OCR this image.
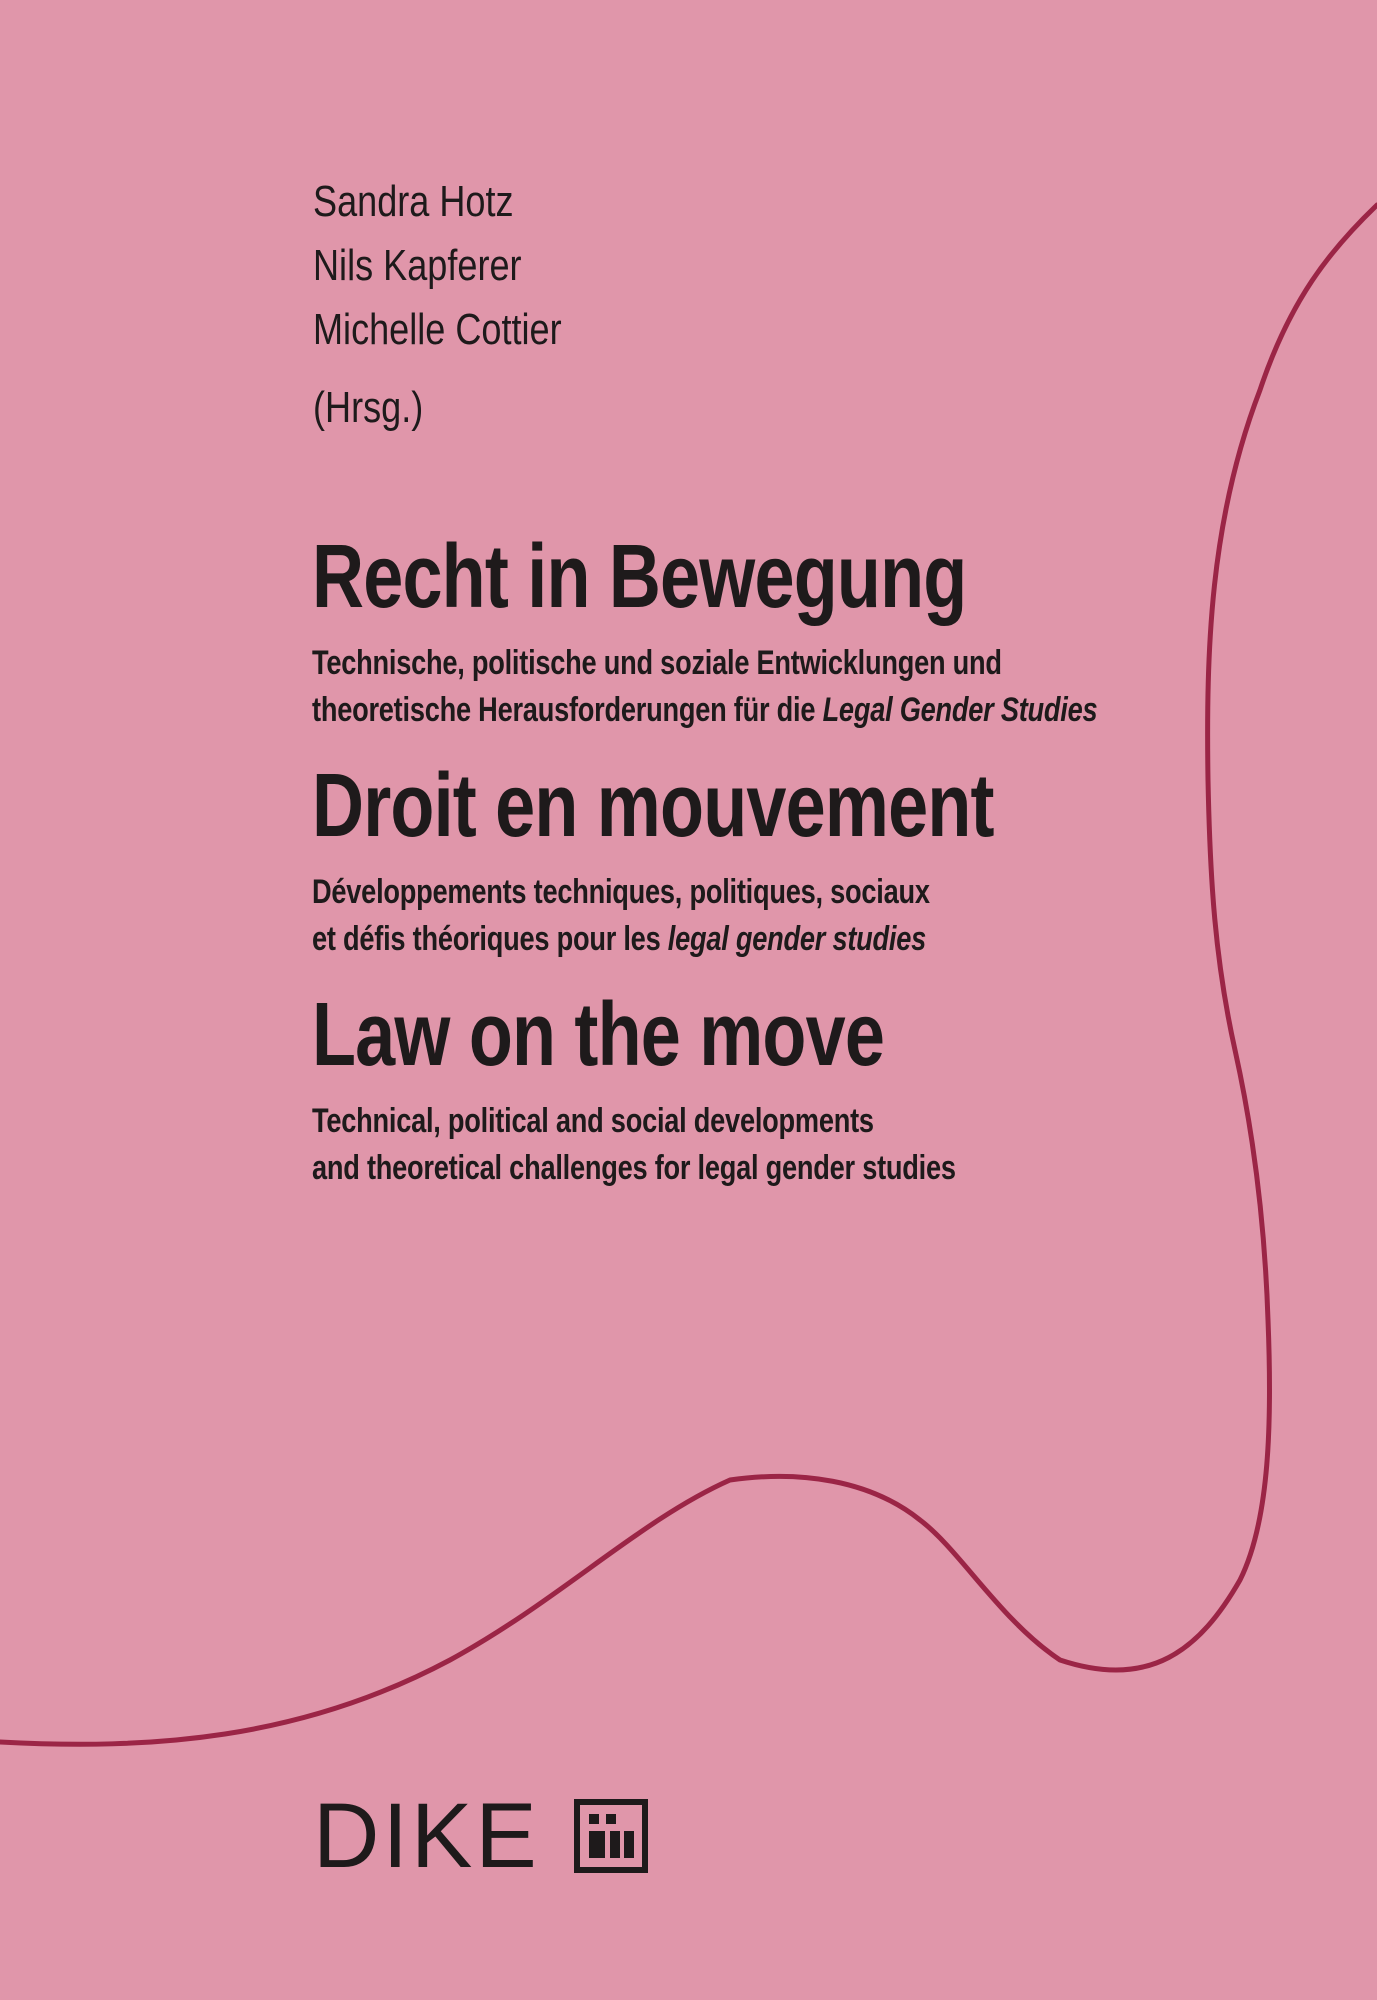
Sandra Hotz
Nils Kapferer
Michelle Cottier
(Hrsg.)
Recht in Bewegung
Technische, politische und soziale Entwicklungen und
theoretische Herausforderungen für die Legal Gender Studies
Droit en mouvement
Développements techniques, politiques, sociaux
et défis théoriques pour les legal gender studies
Law on the move
Technical, political and social developments
and theoretical challenges for legal gender studies
DIKE
